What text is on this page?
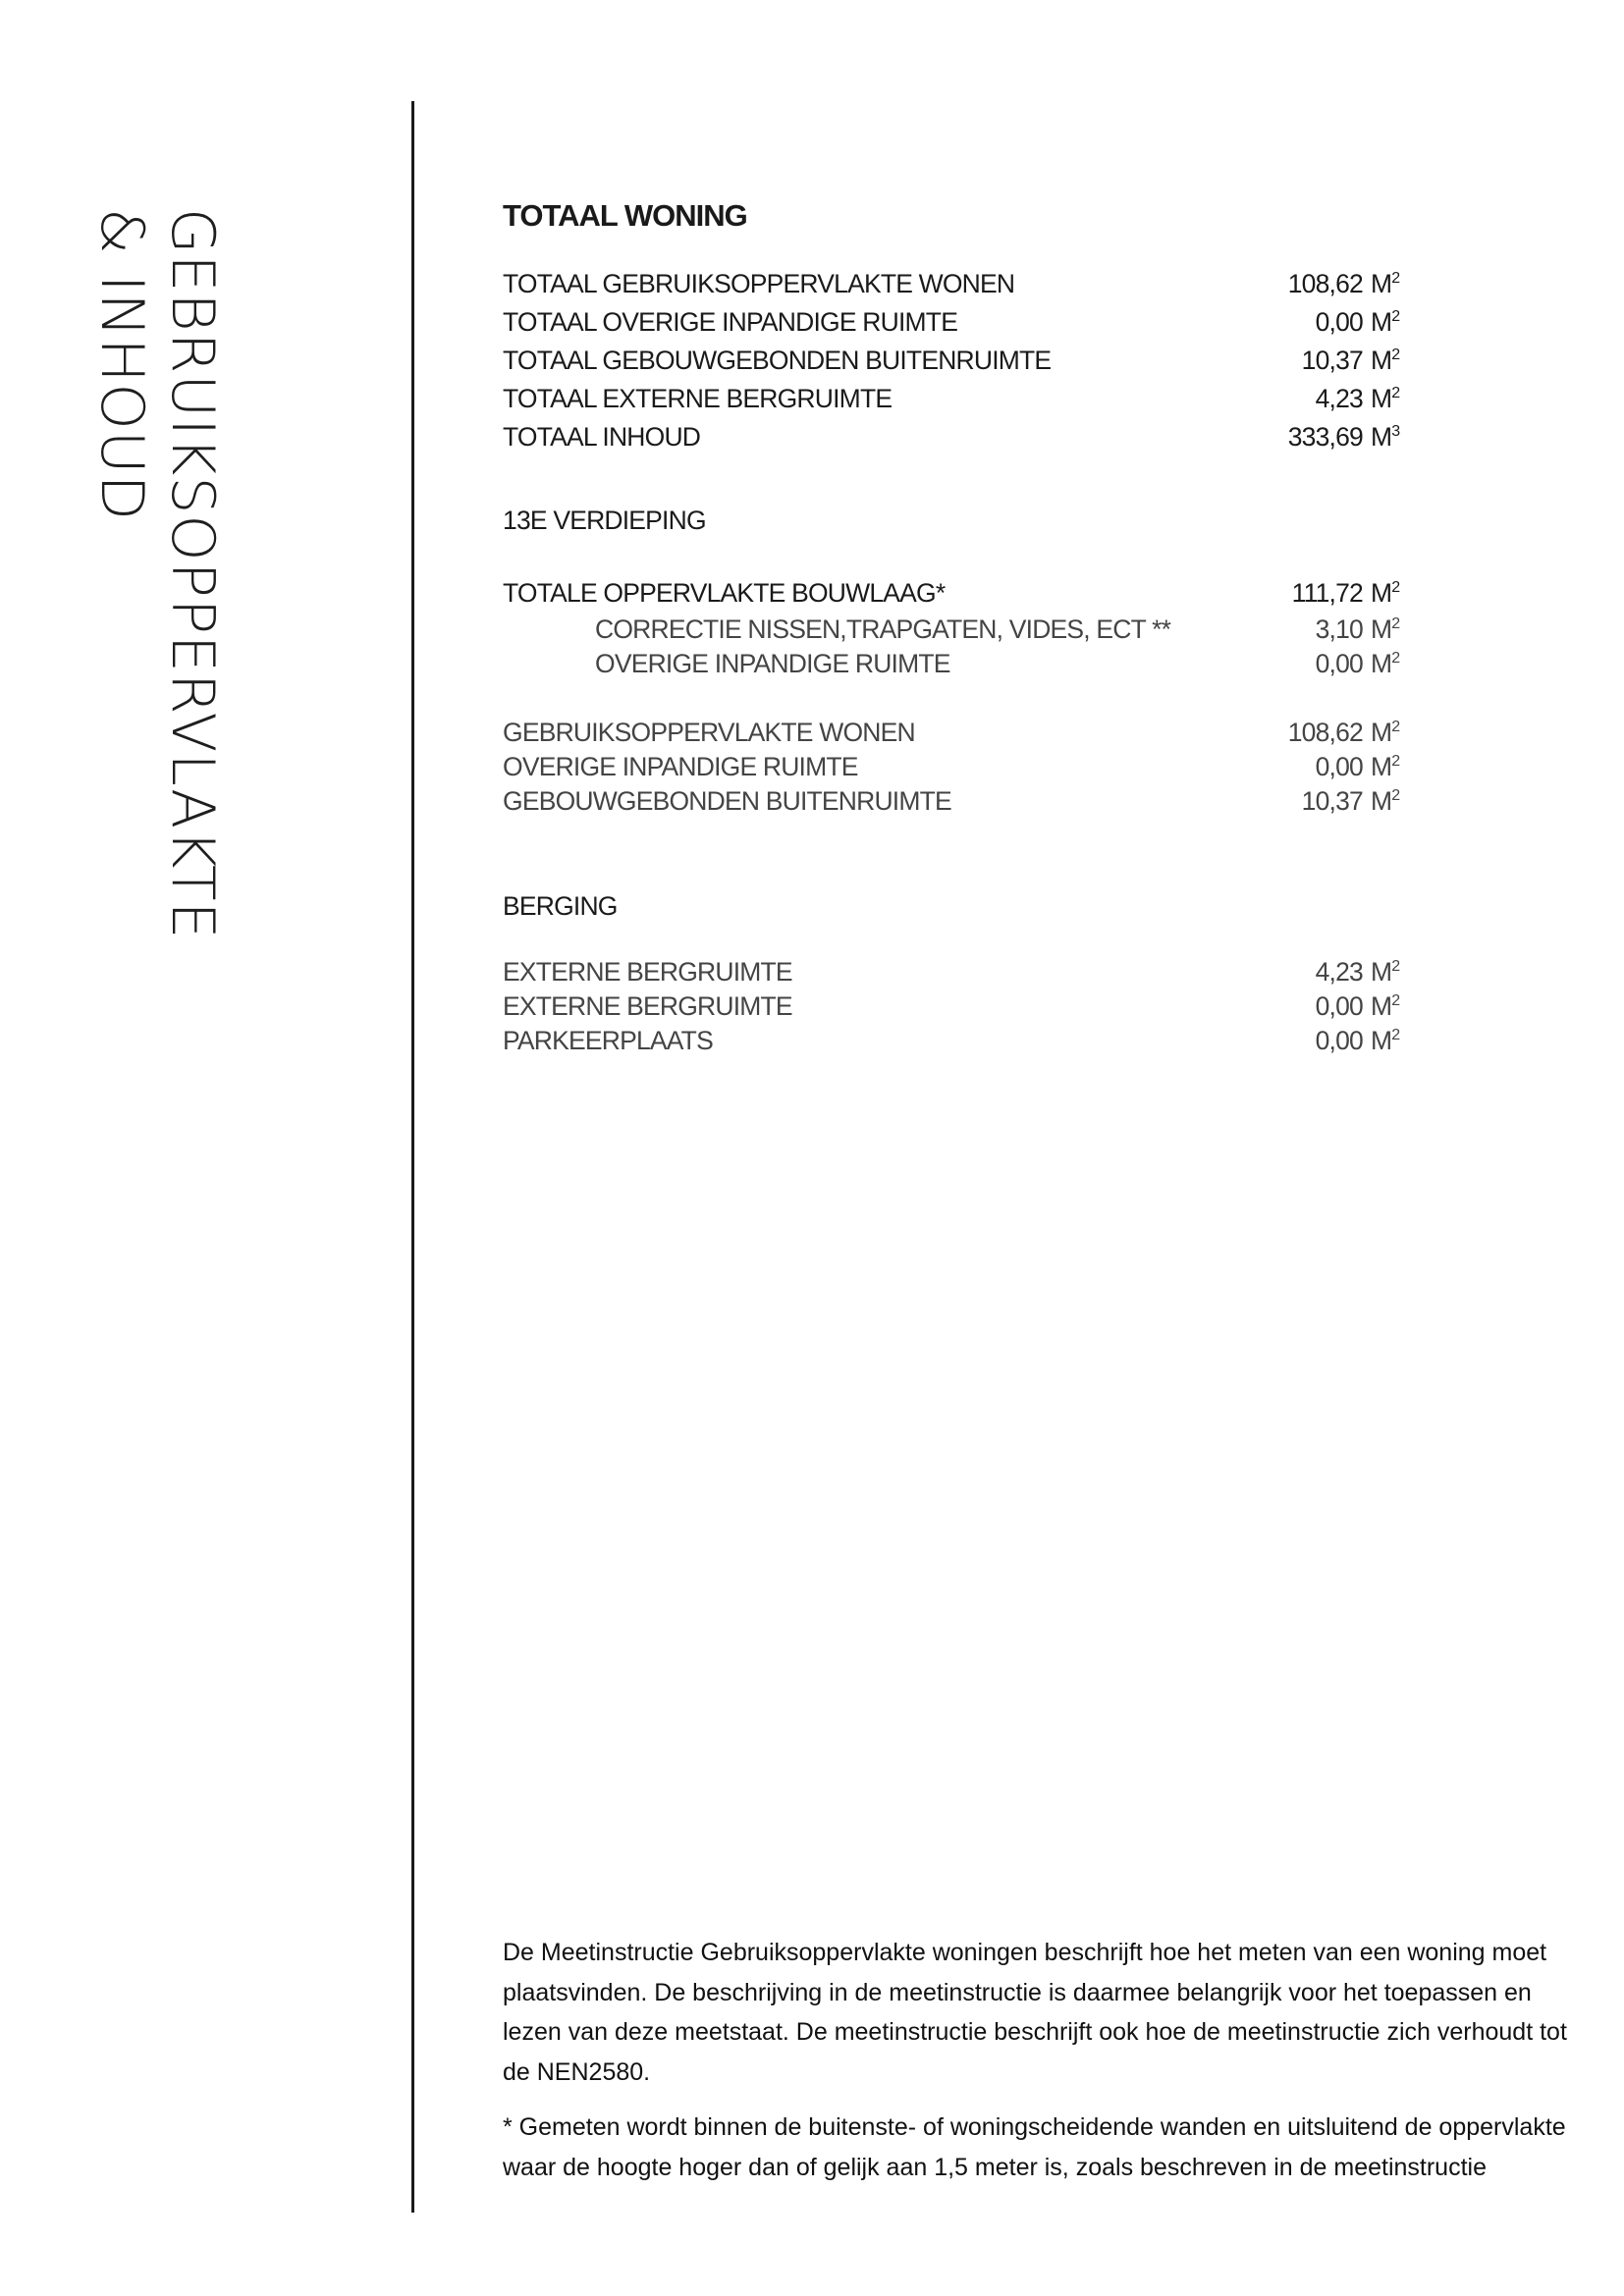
GEBRUIKSOPPERVLAKTE
& INHOUD	TOTAAL WONING
TOTAAL GEBRUIKSOPPERVLAKTE WONEN	108,62 $M^2$
TOTAAL OVERIGE INPANDIGE RUIMTE	0,00 $M^2$
TOTAAL GEBOUWGEBONDEN BUITENRUIMTE	10,37 $M^2$
TOTAAL EXTERNE BERGRUIMTE	4,23 $M^2$
TOTAAL INHOUD	333,69 $M^3$
13E VERDIEPING
TOTALE OPPERVLAKTE BOUWLAAG*	111,72 $M^2$
CORRECTIE NISSEN,TRAPGATEN, VIDES, ECT **	3,10 $M^2$
OVERIGE INPANDIGE RUIMTE	0,00 $M^2$
GEBRUIKSOPPERVLAKTE WONEN	108,62 $M^2$
OVERIGE INPANDIGE RUIMTE	0,00 $M^2$
GEBOUWGEBONDEN BUITENRUIMTE	10,37 $M^2$
BERGING
EXTERNE BERGRUIMTE	4,23 $M^2$
EXTERNE BERGRUIMTE	0,00 $M^2$
PARKEERPLAATS	0,00 $M^2$

De Meetinstructie Gebruiksoppervlakte woningen beschrijft hoe het meten van een woning moet plaatsvinden. De beschrijving in de meetinstructie is daarmee belangrijk voor het toepassen en lezen van deze meetstaat. De meetinstructie beschrijft ook hoe de meetinstructie zich verhoudt tot de NEN2580.

* Gemeten wordt binnen de buitenste- of woningscheidende wanden en uitsluitend de oppervlakte waar de hoogte hoger dan of gelijk aan 1,5 meter is, zoals beschreven in de meetinstructie
